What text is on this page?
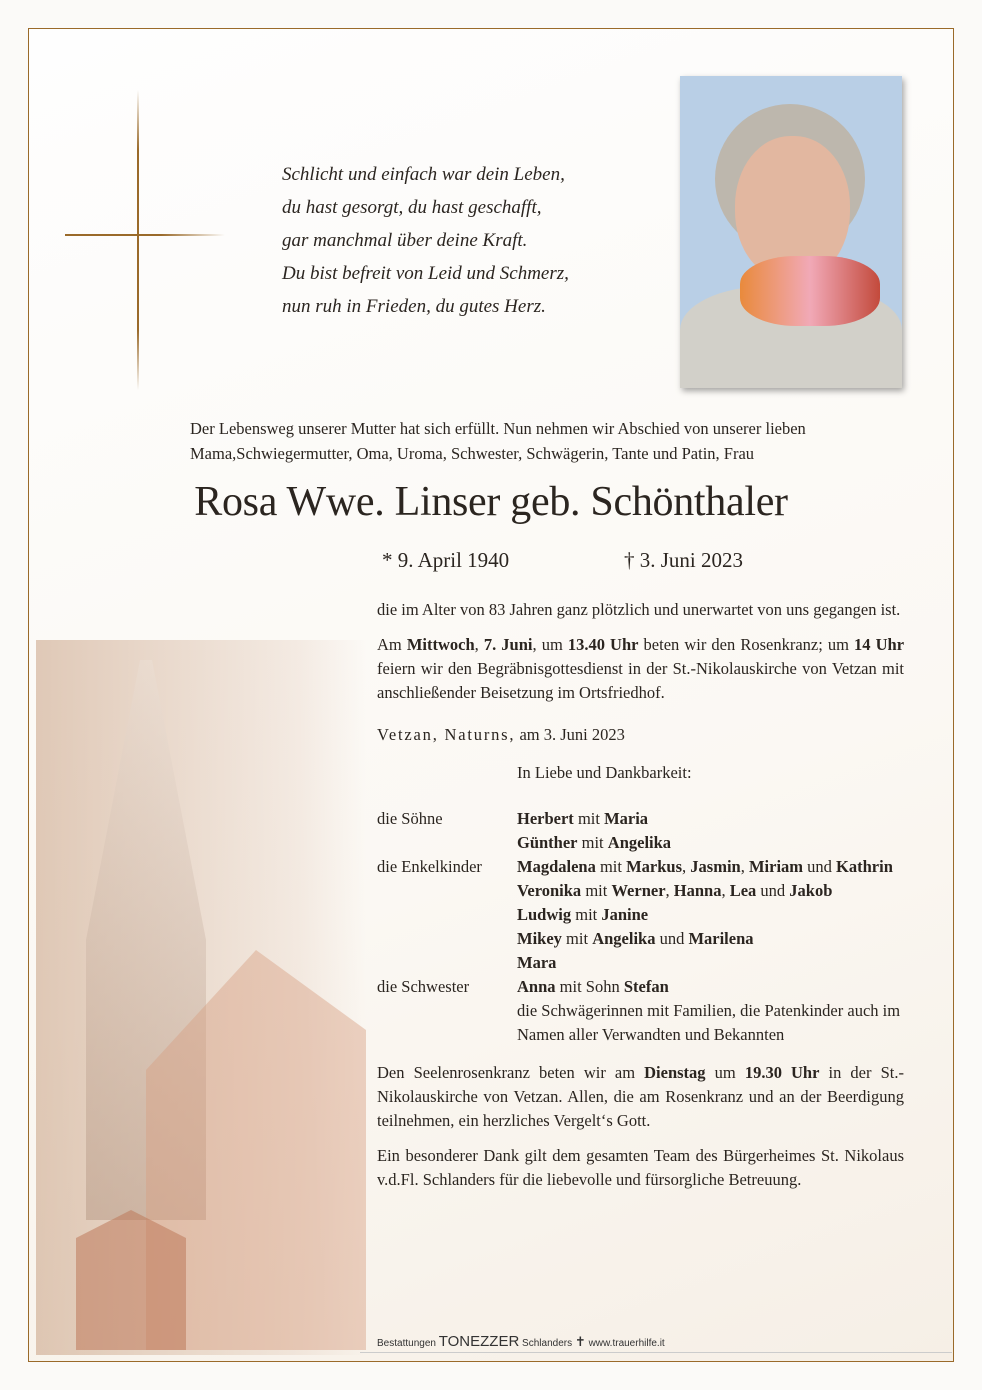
Schlicht und einfach war dein Leben,
du hast gesorgt, du hast geschafft,
gar manchmal über deine Kraft.
Du bist befreit von Leid und Schmerz,
nun ruh in Frieden, du gutes Herz.
Der Lebensweg unserer Mutter hat sich erfüllt. Nun nehmen wir Abschied von unserer lieben
Mama,Schwiegermutter, Oma, Uroma, Schwester, Schwägerin, Tante und Patin, Frau
Rosa Wwe. Linser geb. Schönthaler
* 9. April 1940	† 3. Juni 2023

die im Alter von 83 Jahren ganz plötzlich und unerwartet von uns gegangen ist.

Am Mittwoch, 7. Juni, um 13.40 Uhr beten wir den Rosenkranz; um 14 Uhr feiern wir den Begräbnisgottesdienst in der St.-Nikolauskirche von Vetzan mit anschließender Beisetzung im Ortsfriedhof.

Vetzan, Naturns, am 3. Juni 2023

In Liebe und Dankbarkeit:

die Söhne	Herbert mit Maria
Günther mit Angelika
die Enkelkinder	Magdalena mit Markus, Jasmin, Miriam und Kathrin
Veronika mit Werner, Hanna, Lea und Jakob
Ludwig mit Janine
Mikey mit Angelika und Marilena
Mara
die Schwester	Anna mit Sohn Stefan
die Schwägerinnen mit Familien, die Patenkinder auch im Namen aller Verwandten und Bekannten

Den Seelenrosenkranz beten wir am Dienstag um 19.30 Uhr in der St.-Nikolauskirche von Vetzan. Allen, die am Rosenkranz und an der Beerdigung teilnehmen, ein herzliches Vergelt‘s Gott.

Ein besonderer Dank gilt dem gesamten Team des Bürgerheimes St. Nikolaus v.d.Fl. Schlanders für die liebevolle und fürsorgliche Betreuung.

Bestattungen TONEZZER Schlanders ✝ www.trauerhilfe.it
